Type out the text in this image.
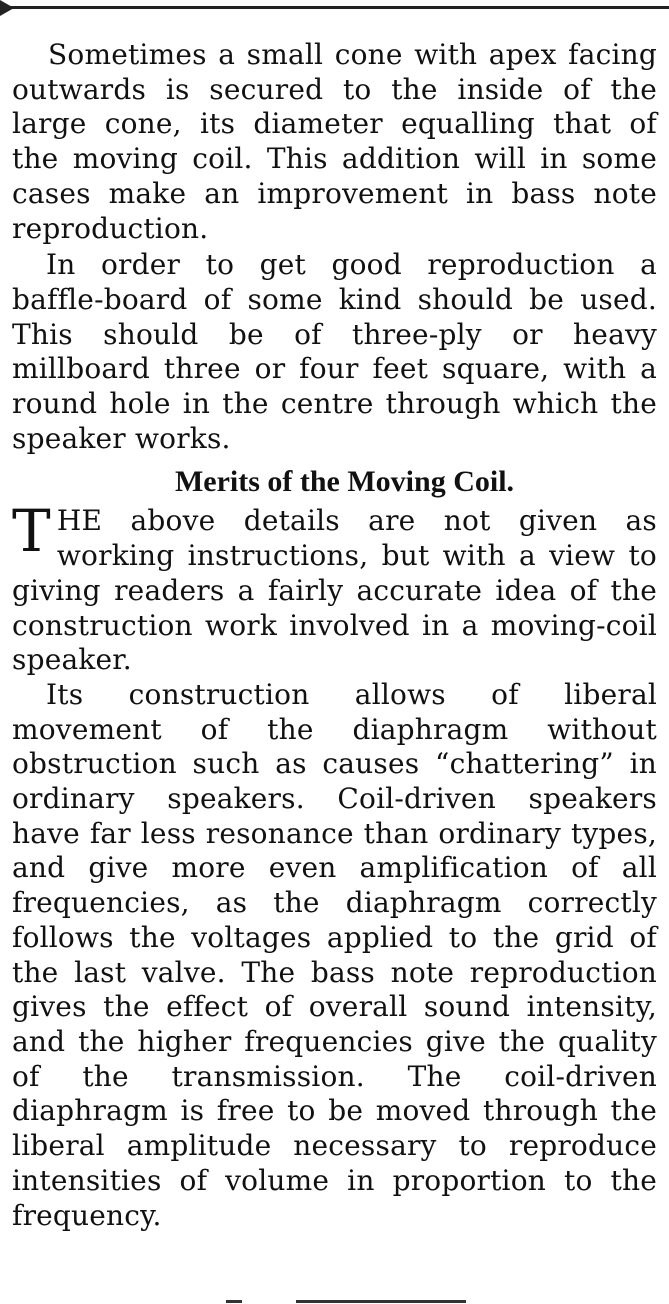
Sometimes a small cone with apex facing outwards is secured to the inside of the large cone, its diameter equalling that of the moving coil. This addition will in some cases make an improvement in bass note reproduction.

In order to get good reproduction a baffle-board of some kind should be used. This should be of three-ply or heavy millboard three or four feet square, with a round hole in the centre through which the speaker works.

Merits of the Moving Coil.

THE above details are not given as working instructions, but with a view to giving readers a fairly accurate idea of the construction work involved in a moving-coil speaker.

Its construction allows of liberal movement of the diaphragm without obstruction such as causes “chattering” in ordinary speakers. Coil-driven speakers have far less resonance than ordinary types, and give more even amplification of all frequencies, as the diaphragm correctly follows the voltages applied to the grid of the last valve. The bass note reproduction gives the effect of overall sound intensity, and the higher frequencies give the quality of the transmission. The coil-driven diaphragm is free to be moved through the liberal amplitude necessary to reproduce intensities of volume in proportion to the frequency.
